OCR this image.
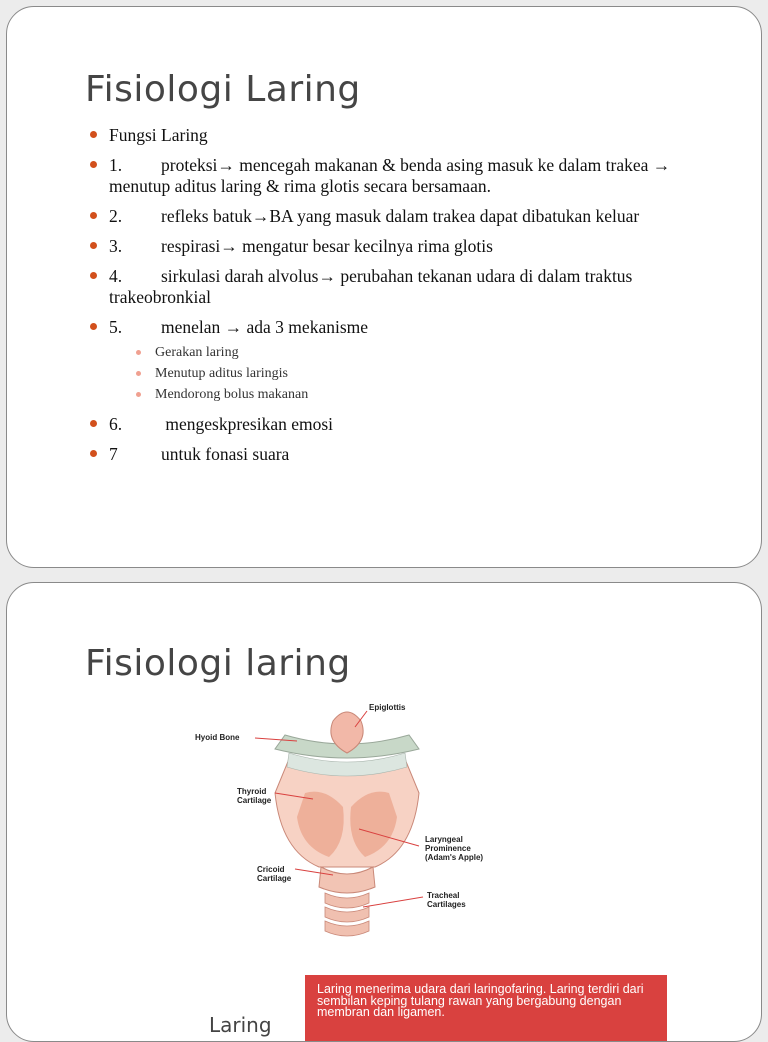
Fisiologi Laring
Fungsi Laring
1. proteksi→ mencegah makanan & benda asing masuk ke dalam trakea → menutup aditus laring & rima glotis secara bersamaan.
2. refleks batuk→BA yang masuk dalam trakea dapat dibatukan keluar
3. respirasi→ mengatur besar kecilnya rima glotis
4. sirkulasi darah alvolus→ perubahan tekanan udara di dalam traktus trakeobronkial
5. menelan → ada 3 mekanisme
Gerakan laring
Menutup aditus laringis
Mendorong bolus makanan
6. mengeskpresikan emosi
7 untuk fonasi suara
Fisiologi laring
Epiglottis
Hyoid Bone
Thyroid
Cartilage
Laryngeal
Prominence
(Adam's Apple)
Cricoid
Cartilage
Tracheal
Cartilages
Laring
Laring menerima udara dari laringofaring. Laring terdiri dari sembilan keping tulang rawan yang bergabung dengan membran dan ligamen.
